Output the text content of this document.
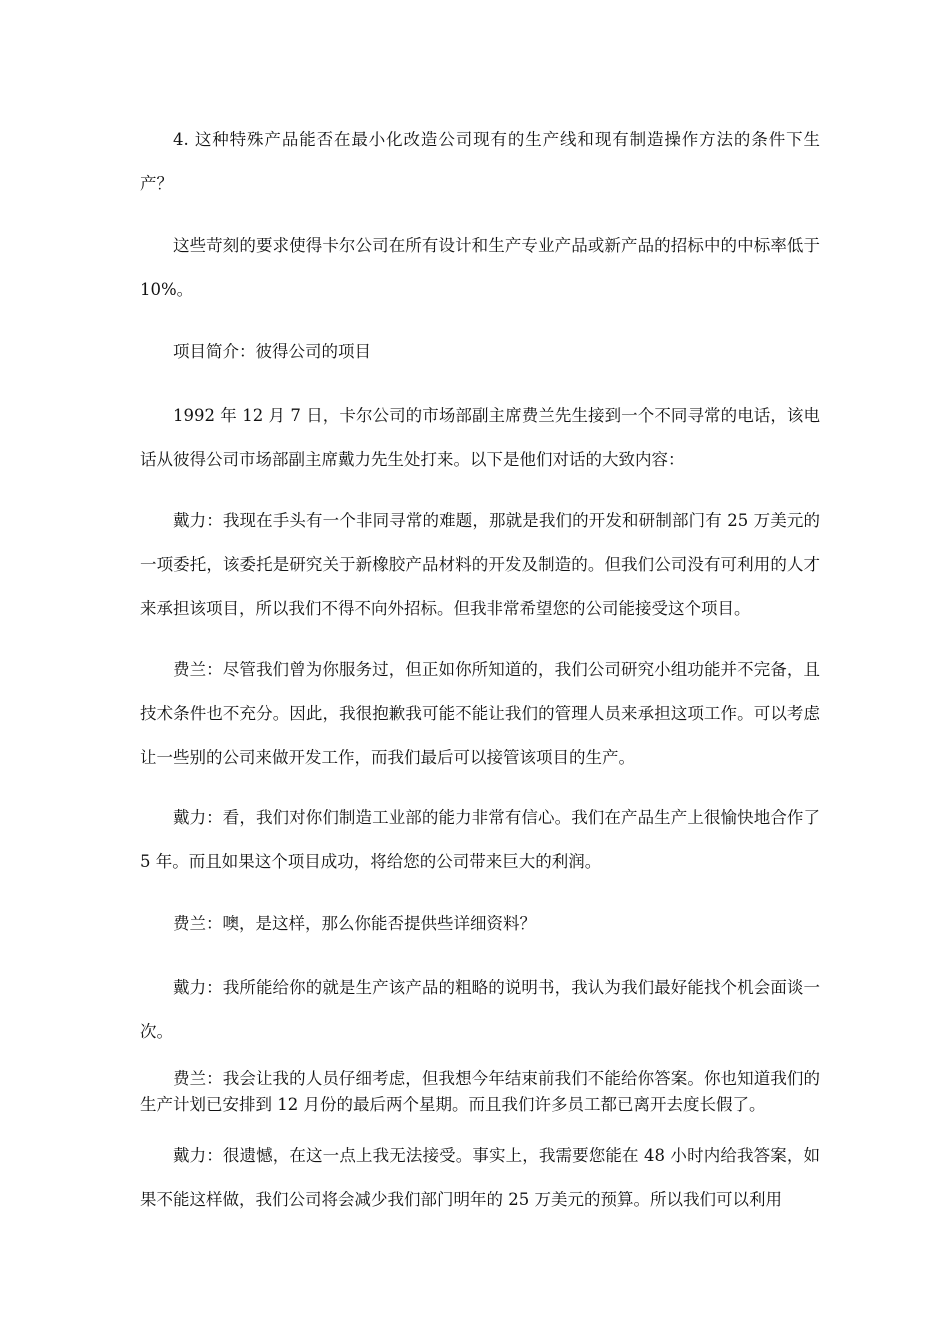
4. 这种特殊产品能否在最小化改造公司现有的生产线和现有制造操作方法的条件下生产？

这些苛刻的要求使得卡尔公司在所有设计和生产专业产品或新产品的招标中的中标率低于 10%。

项目简介：彼得公司的项目

1992 年 12 月 7 日，卡尔公司的市场部副主席费兰先生接到一个不同寻常的电话，该电话从彼得公司市场部副主席戴力先生处打来。以下是他们对话的大致内容：

戴力：我现在手头有一个非同寻常的难题，那就是我们的开发和研制部门有 25 万美元的一项委托，该委托是研究关于新橡胶产品材料的开发及制造的。但我们公司没有可利用的人才来承担该项目，所以我们不得不向外招标。但我非常希望您的公司能接受这个项目。

费兰：尽管我们曾为你服务过，但正如你所知道的，我们公司研究小组功能并不完备，且技术条件也不充分。因此，我很抱歉我可能不能让我们的管理人员来承担这项工作。可以考虑让一些别的公司来做开发工作，而我们最后可以接管该项目的生产。

戴力：看，我们对你们制造工业部的能力非常有信心。我们在产品生产上很愉快地合作了 5 年。而且如果这个项目成功，将给您的公司带来巨大的利润。

费兰：噢，是这样，那么你能否提供些详细资料？

戴力：我所能给你的就是生产该产品的粗略的说明书，我认为我们最好能找个机会面谈一次。

费兰：我会让我的人员仔细考虑，但我想今年结束前我们不能给你答案。你也知道我们的生产计划已安排到 12 月份的最后两个星期。而且我们许多员工都已离开去度长假了。

戴力：很遗憾，在这一点上我无法接受。事实上，我需要您能在 48 小时内给我答案，如果不能这样做，我们公司将会减少我们部门明年的 25 万美元的预算。所以我们可以利用
